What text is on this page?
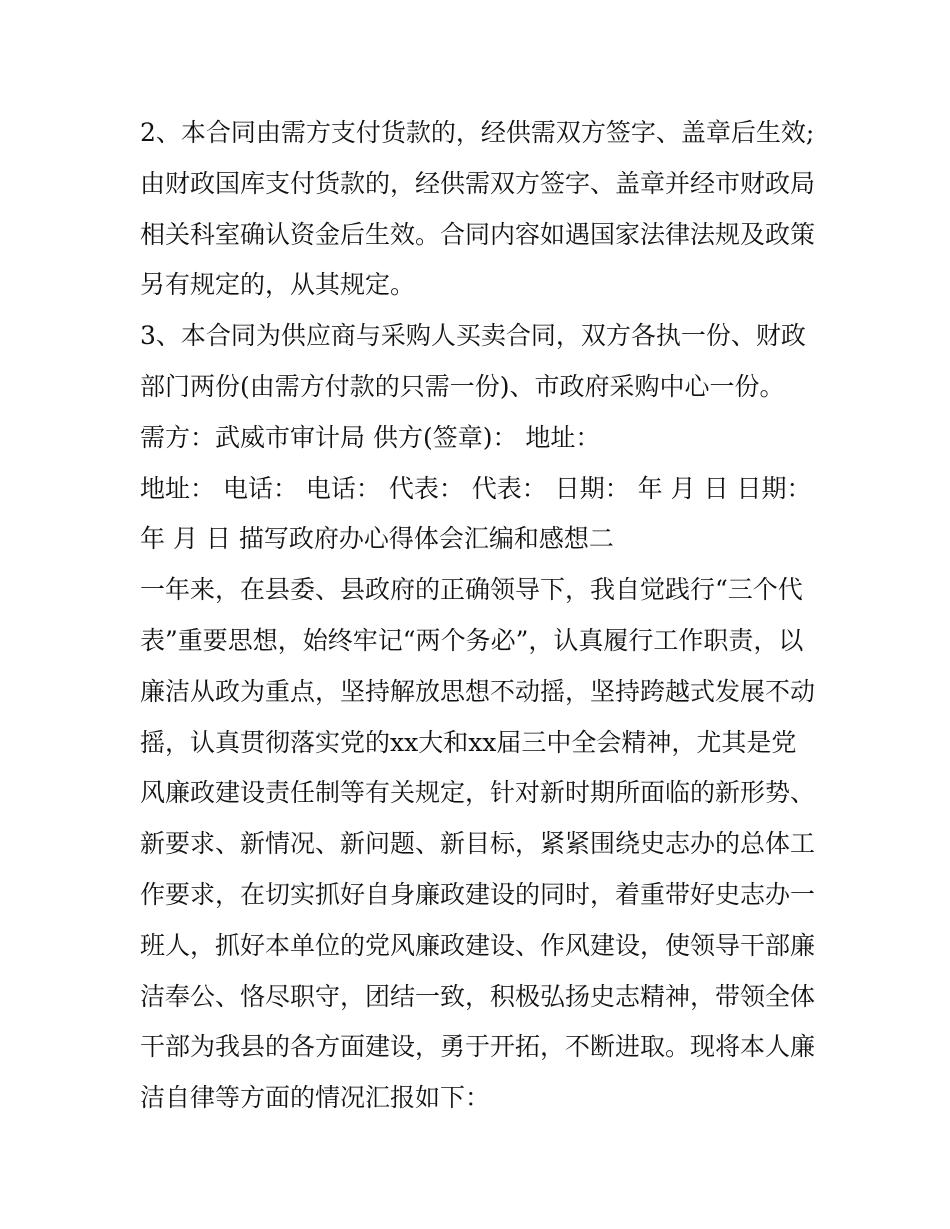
2、本合同由需方支付货款的，经供需双方签字、盖章后生效;
由财政国库支付货款的，经供需双方签字、盖章并经市财政局
相关科室确认资金后生效。合同内容如遇国家法律法规及政策
另有规定的，从其规定。
3、本合同为供应商与采购人买卖合同，双方各执一份、财政
部门两份(由需方付款的只需一份)、市政府采购中心一份。
需方：武威市审计局 供方(签章)： 地址：
地址： 电话： 电话： 代表： 代表： 日期： 年 月 日 日期：
年 月 日 描写政府办心得体会汇编和感想二
一年来，在县委、县政府的正确领导下，我自觉践行“三个代
表”重要思想，始终牢记“两个务必”，认真履行工作职责，以
廉洁从政为重点，坚持解放思想不动摇，坚持跨越式发展不动
摇，认真贯彻落实党的xx大和xx届三中全会精神，尤其是党
风廉政建设责任制等有关规定，针对新时期所面临的新形势、
新要求、新情况、新问题、新目标，紧紧围绕史志办的总体工
作要求，在切实抓好自身廉政建设的同时，着重带好史志办一
班人，抓好本单位的党风廉政建设、作风建设，使领导干部廉
洁奉公、恪尽职守，团结一致，积极弘扬史志精神，带领全体
干部为我县的各方面建设，勇于开拓，不断进取。现将本人廉
洁自律等方面的情况汇报如下：
